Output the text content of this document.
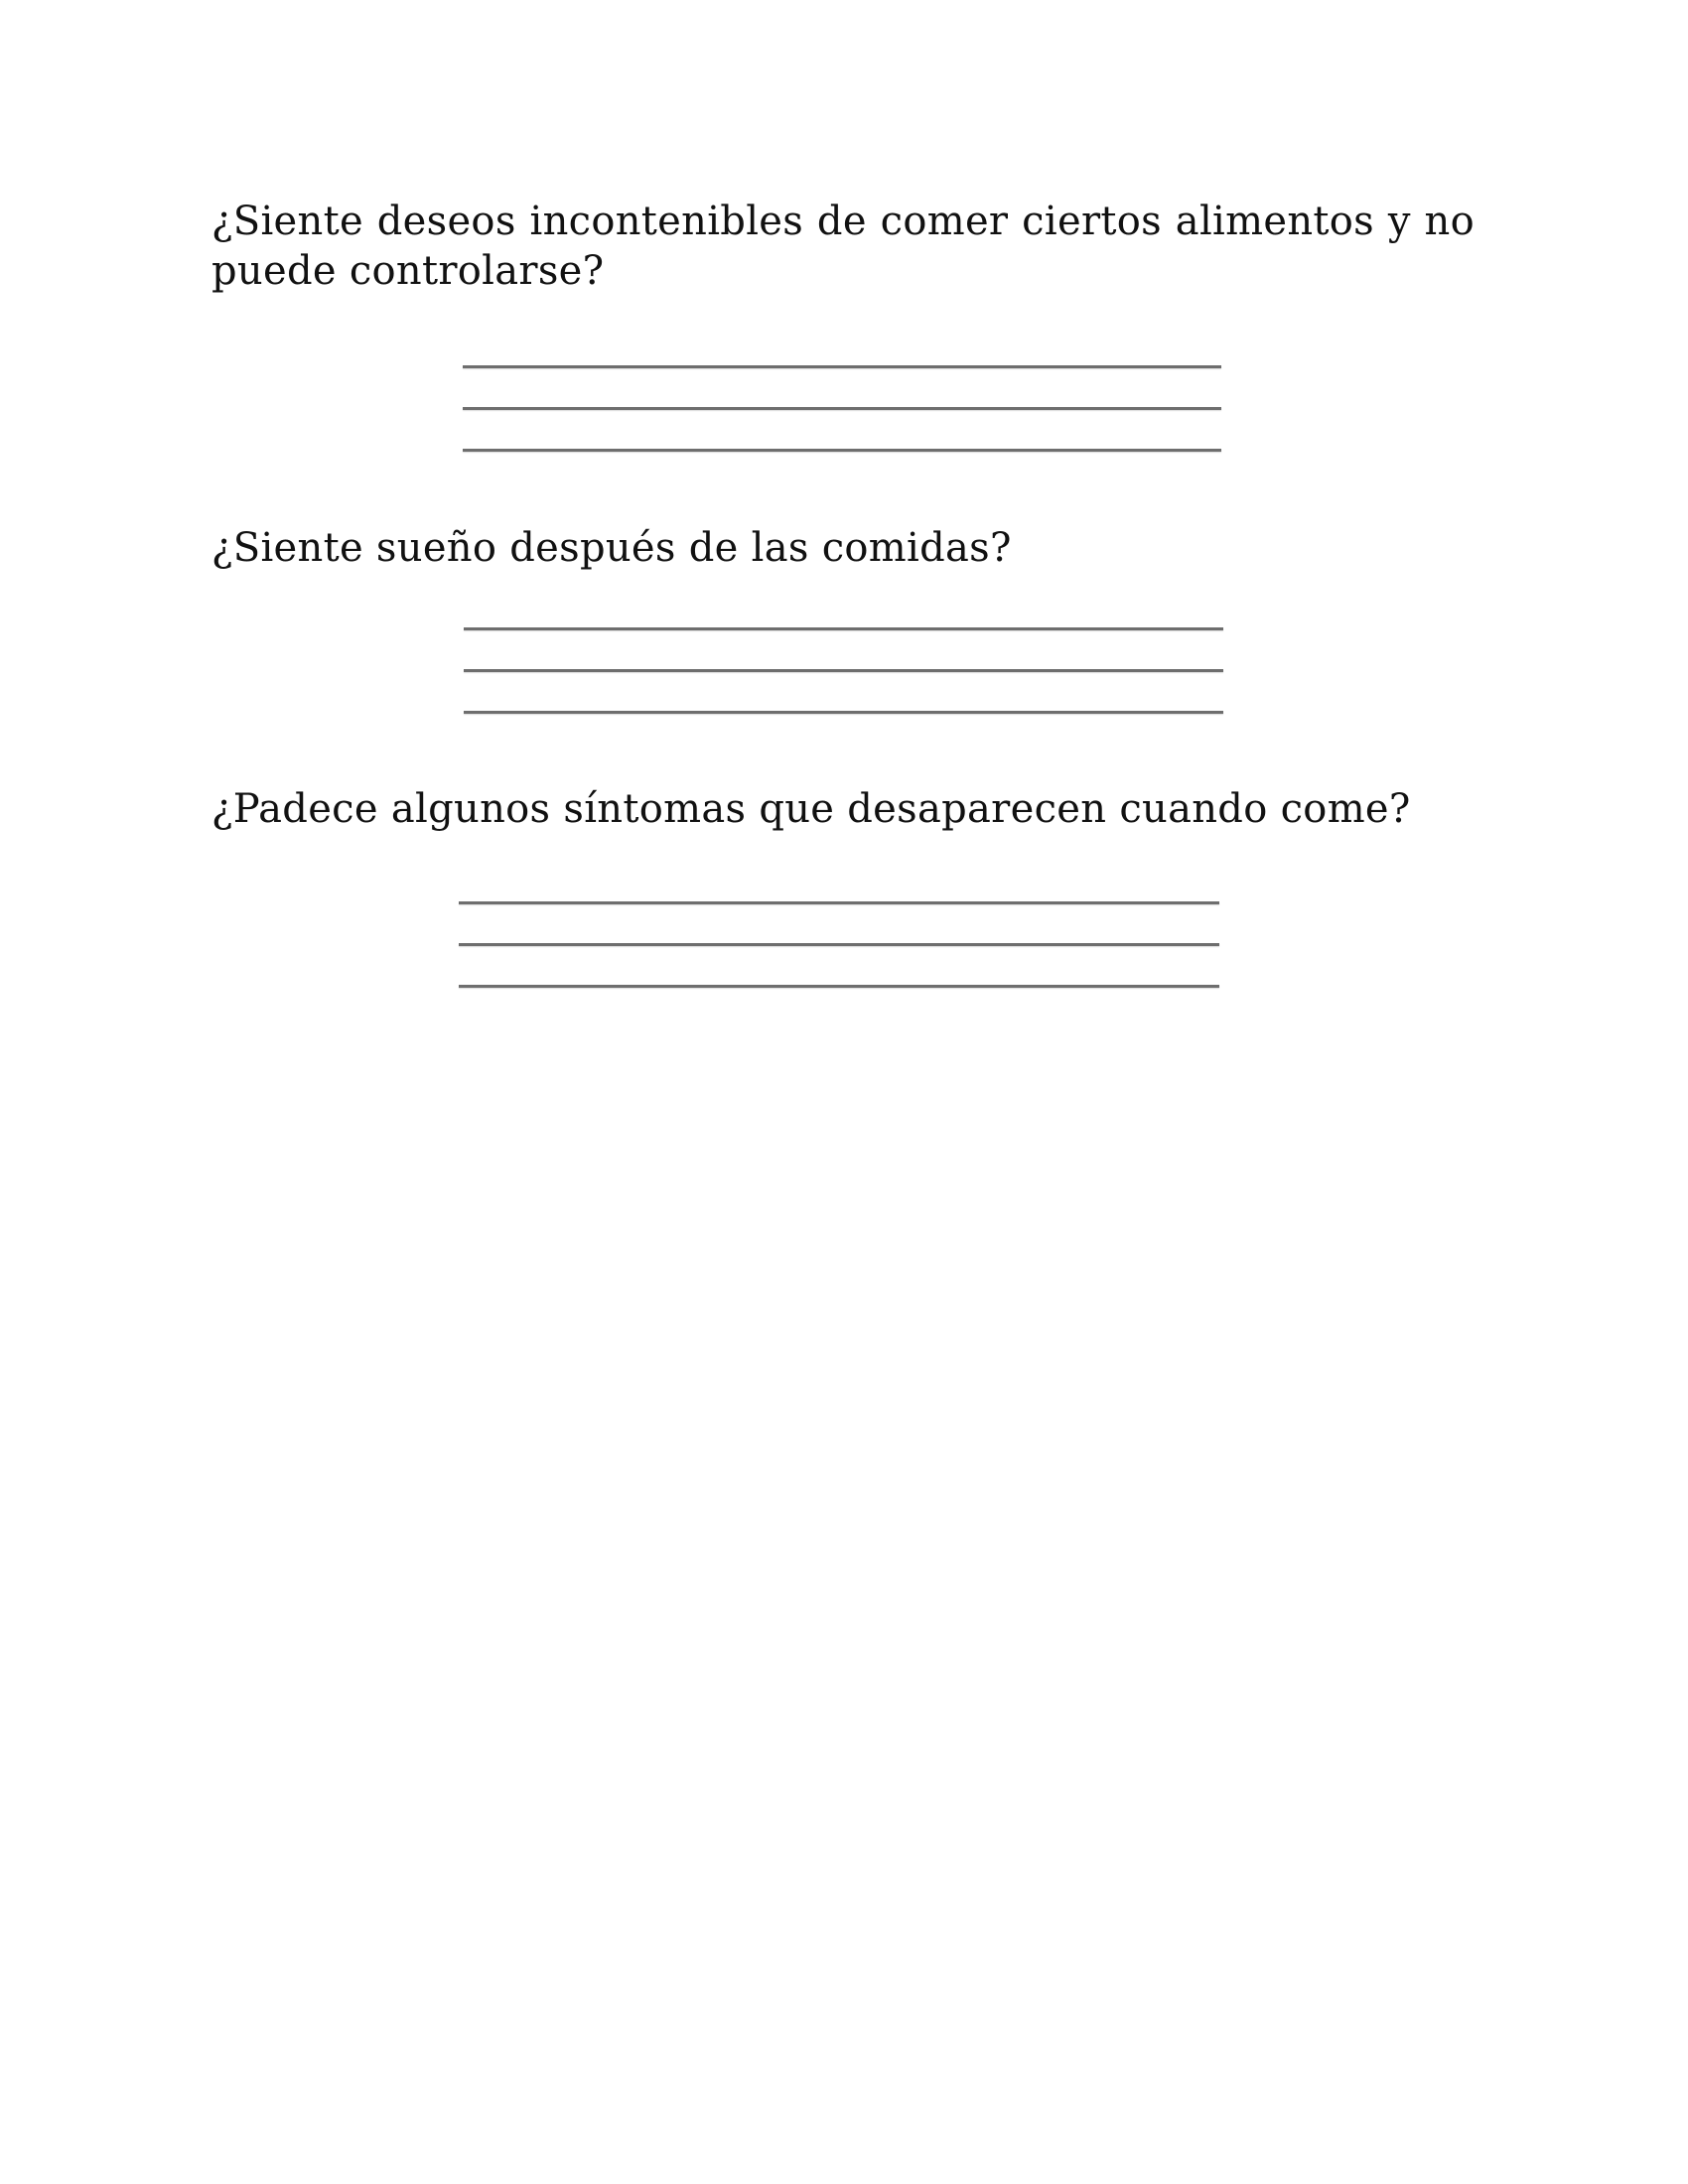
¿Siente deseos incontenibles de comer ciertos alimentos y no puede controlarse?

¿Siente sueño después de las comidas?

¿Padece algunos síntomas que desaparecen cuando come?
